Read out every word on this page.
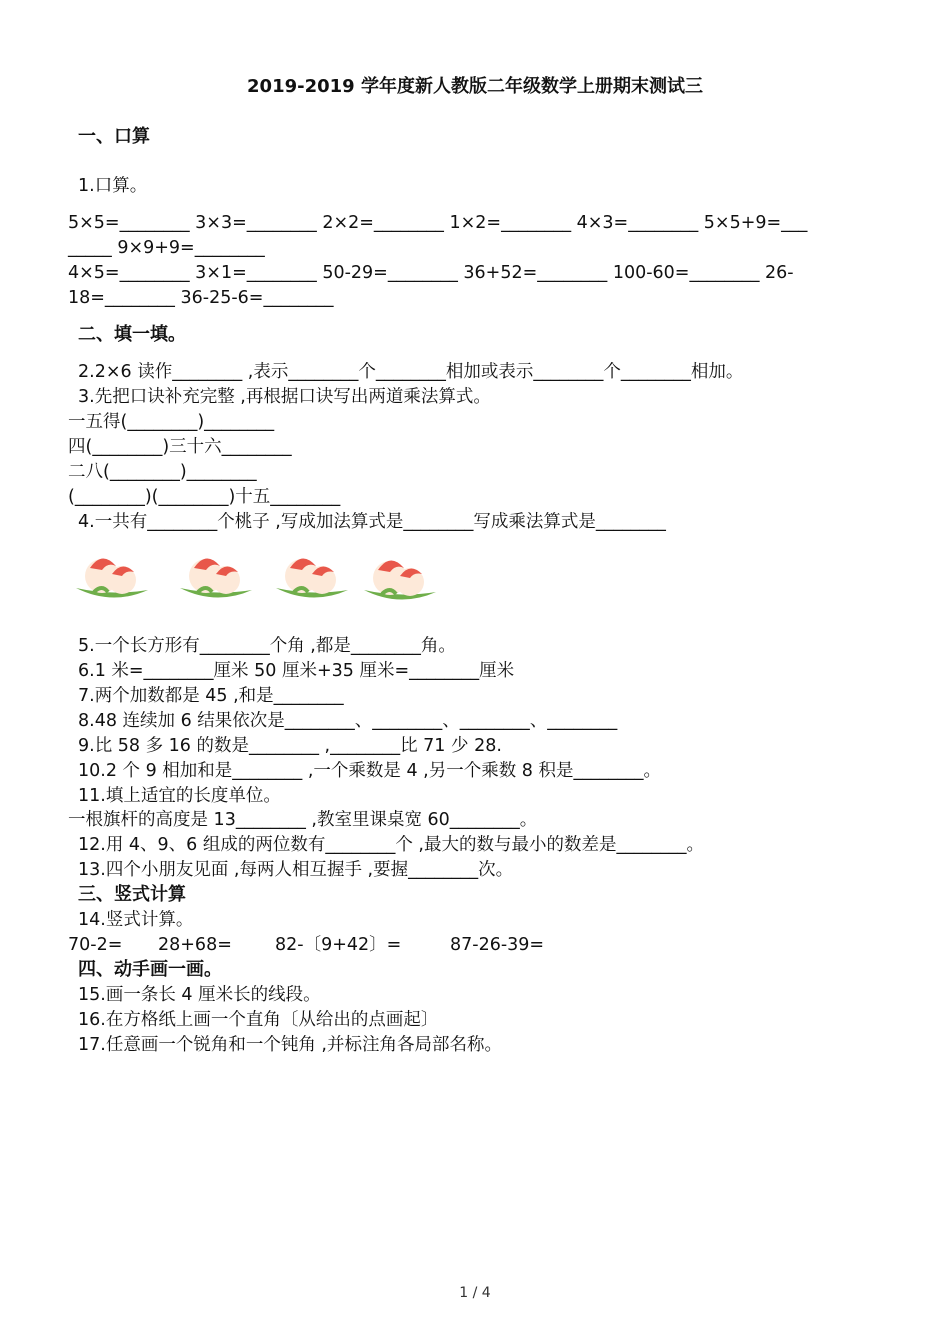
2019-2019 学年度新人教版二年级数学上册期末测试三
一、口算
1.口算。
5×5=________ 3×3=________ 2×2=________ 1×2=________ 4×3=________ 5×5+9=___
_____ 9×9+9=________
4×5=________ 3×1=________ 50-29=________ 36+52=________ 100-60=________ 26-
18=________ 36-25-6=________
二、填一填。
2.2×6 读作________ ,表示________个________相加或表示________个________相加。
3.先把口诀补充完整 ,再根据口诀写出两道乘法算式。
一五得(________)________
四(________)三十六________
二八(________)________
(________)(________)十五________
4.一共有________个桃子 ,写成加法算式是________写成乘法算式是________
5.一个长方形有________个角 ,都是________角。
6.1 米=________厘米 50 厘米+35 厘米=________厘米
7.两个加数都是 45 ,和是________
8.48 连续加 6 结果依次是________、________、________、________
9.比 58 多 16 的数是________ ,________比 71 少 28.
10.2 个 9 相加和是________ ,一个乘数是 4 ,另一个乘数 8 积是________。
11.填上适宜的长度单位。
一根旗杆的高度是 13________ ,教室里课桌宽 60________。
12.用 4、9、6 组成的两位数有________个 ,最大的数与最小的数差是________。
13.四个小朋友见面 ,每两人相互握手 ,要握________次。
三、竖式计算
14.竖式计算。
70-2= 28+68= 82-〔9+42〕=	87-26-39=
四、动手画一画。
15.画一条长 4 厘米长的线段。
16.在方格纸上画一个直角〔从给出的点画起〕
17.任意画一个锐角和一个钝角 ,并标注角各局部名称。
1 / 4
